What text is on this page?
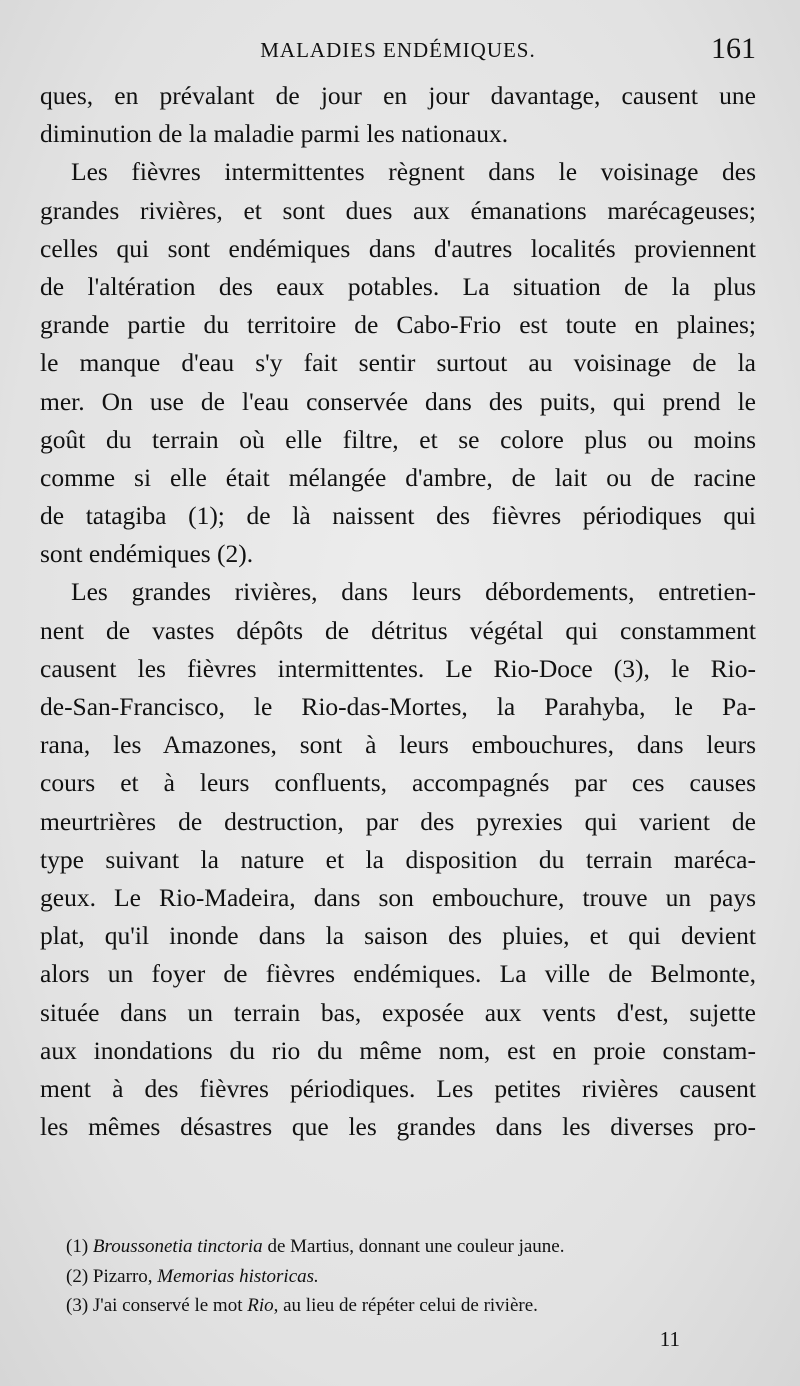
MALADIES ENDÉMIQUES.	161
ques, en prévalant de jour en jour davantage, causent une
diminution de la maladie parmi les nationaux.
Les fièvres intermittentes règnent dans le voisinage des
grandes rivières, et sont dues aux émanations marécageuses;
celles qui sont endémiques dans d'autres localités proviennent
de l'altération des eaux potables. La situation de la plus
grande partie du territoire de Cabo-Frio est toute en plaines;
le manque d'eau s'y fait sentir surtout au voisinage de la
mer. On use de l'eau conservée dans des puits, qui prend le
goût du terrain où elle filtre, et se colore plus ou moins
comme si elle était mélangée d'ambre, de lait ou de racine
de tatagiba (1); de là naissent des fièvres périodiques qui
sont endémiques (2).
Les grandes rivières, dans leurs débordements, entretien-
nent de vastes dépôts de détritus végétal qui constamment
causent les fièvres intermittentes. Le Rio-Doce (3), le Rio-
de-San-Francisco, le Rio-das-Mortes, la Parahyba, le Pa-
rana, les Amazones, sont à leurs embouchures, dans leurs
cours et à leurs confluents, accompagnés par ces causes
meurtrières de destruction, par des pyrexies qui varient de
type suivant la nature et la disposition du terrain maréca-
geux. Le Rio-Madeira, dans son embouchure, trouve un pays
plat, qu'il inonde dans la saison des pluies, et qui devient
alors un foyer de fièvres endémiques. La ville de Belmonte,
située dans un terrain bas, exposée aux vents d'est, sujette
aux inondations du rio du même nom, est en proie constam-
ment à des fièvres périodiques. Les petites rivières causent
les mêmes désastres que les grandes dans les diverses pro-
(1) Broussonetia tinctoria de Martius, donnant une couleur jaune.
(2) Pizarro, Memorias historicas.
(3) J'ai conservé le mot Rio, au lieu de répéter celui de rivière.
11
